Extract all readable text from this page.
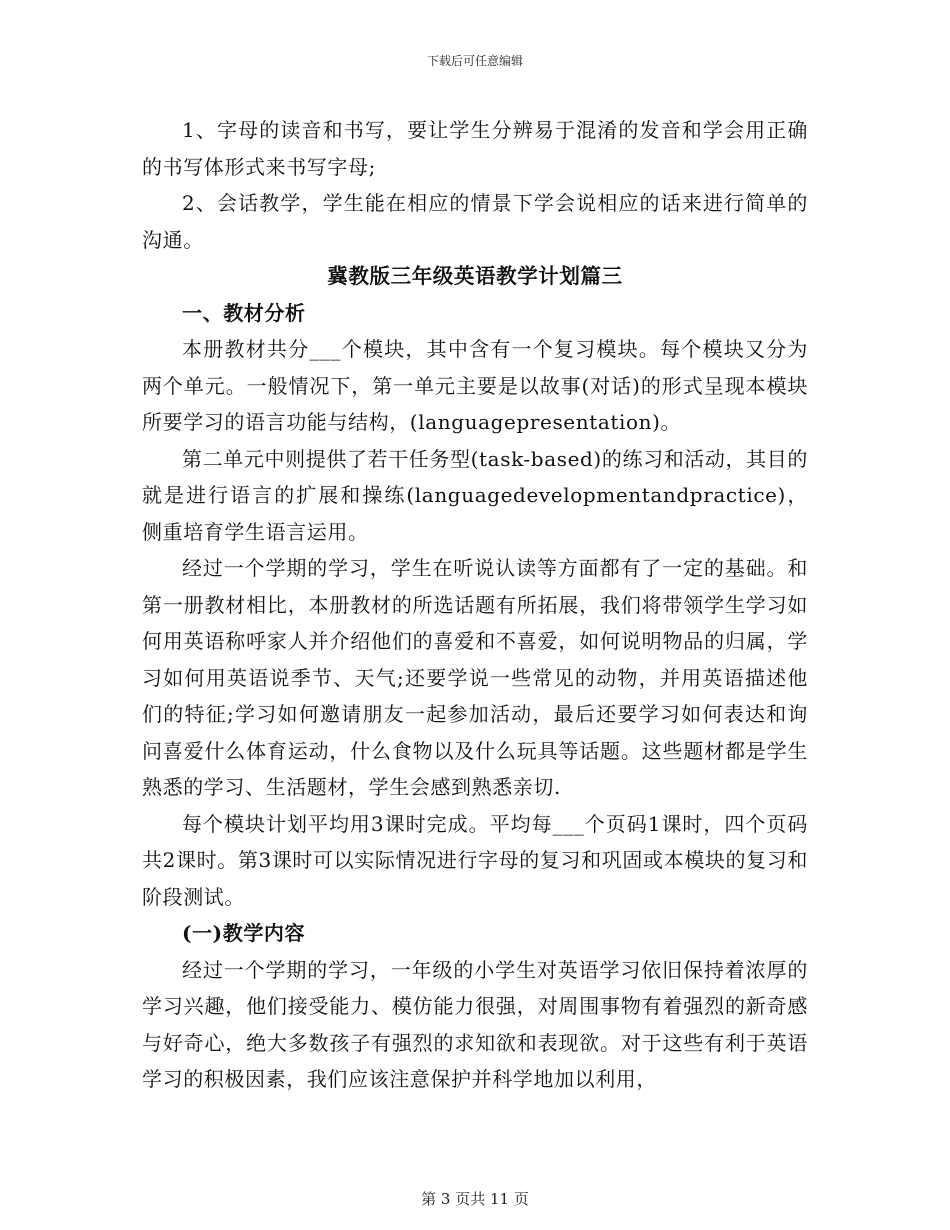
下载后可任意编辑

1、字母的读音和书写，要让学生分辨易于混淆的发音和学会用正确的书写体形式来书写字母;

2、会话教学，学生能在相应的情景下学会说相应的话来进行简单的沟通。

冀教版三年级英语教学计划篇三
一、教材分析

本册教材共分___个模块，其中含有一个复习模块。每个模块又分为两个单元。一般情况下，第一单元主要是以故事(对话)的形式呈现本模块所要学习的语言功能与结构，(languagepresentation)。

第二单元中则提供了若干任务型(task-based)的练习和活动，其目的就是进行语言的扩展和操练(languagedevelopmentandpractice)，侧重培育学生语言运用。

经过一个学期的学习，学生在听说认读等方面都有了一定的基础。和第一册教材相比，本册教材的所选话题有所拓展，我们将带领学生学习如何用英语称呼家人并介绍他们的喜爱和不喜爱，如何说明物品的归属，学习如何用英语说季节、天气;还要学说一些常见的动物，并用英语描述他们的特征;学习如何邀请朋友一起参加活动，最后还要学习如何表达和询问喜爱什么体育运动，什么食物以及什么玩具等话题。这些题材都是学生熟悉的学习、生活题材，学生会感到熟悉亲切.

每个模块计划平均用3课时完成。平均每___个页码1课时，四个页码共2课时。第3课时可以实际情况进行字母的复习和巩固或本模块的复习和阶段测试。

(一)教学内容

经过一个学期的学习，一年级的小学生对英语学习依旧保持着浓厚的学习兴趣，他们接受能力、模仿能力很强，对周围事物有着强烈的新奇感与好奇心，绝大多数孩子有强烈的求知欲和表现欲。对于这些有利于英语学习的积极因素，我们应该注意保护并科学地加以利用，

第 3 页共 11 页
